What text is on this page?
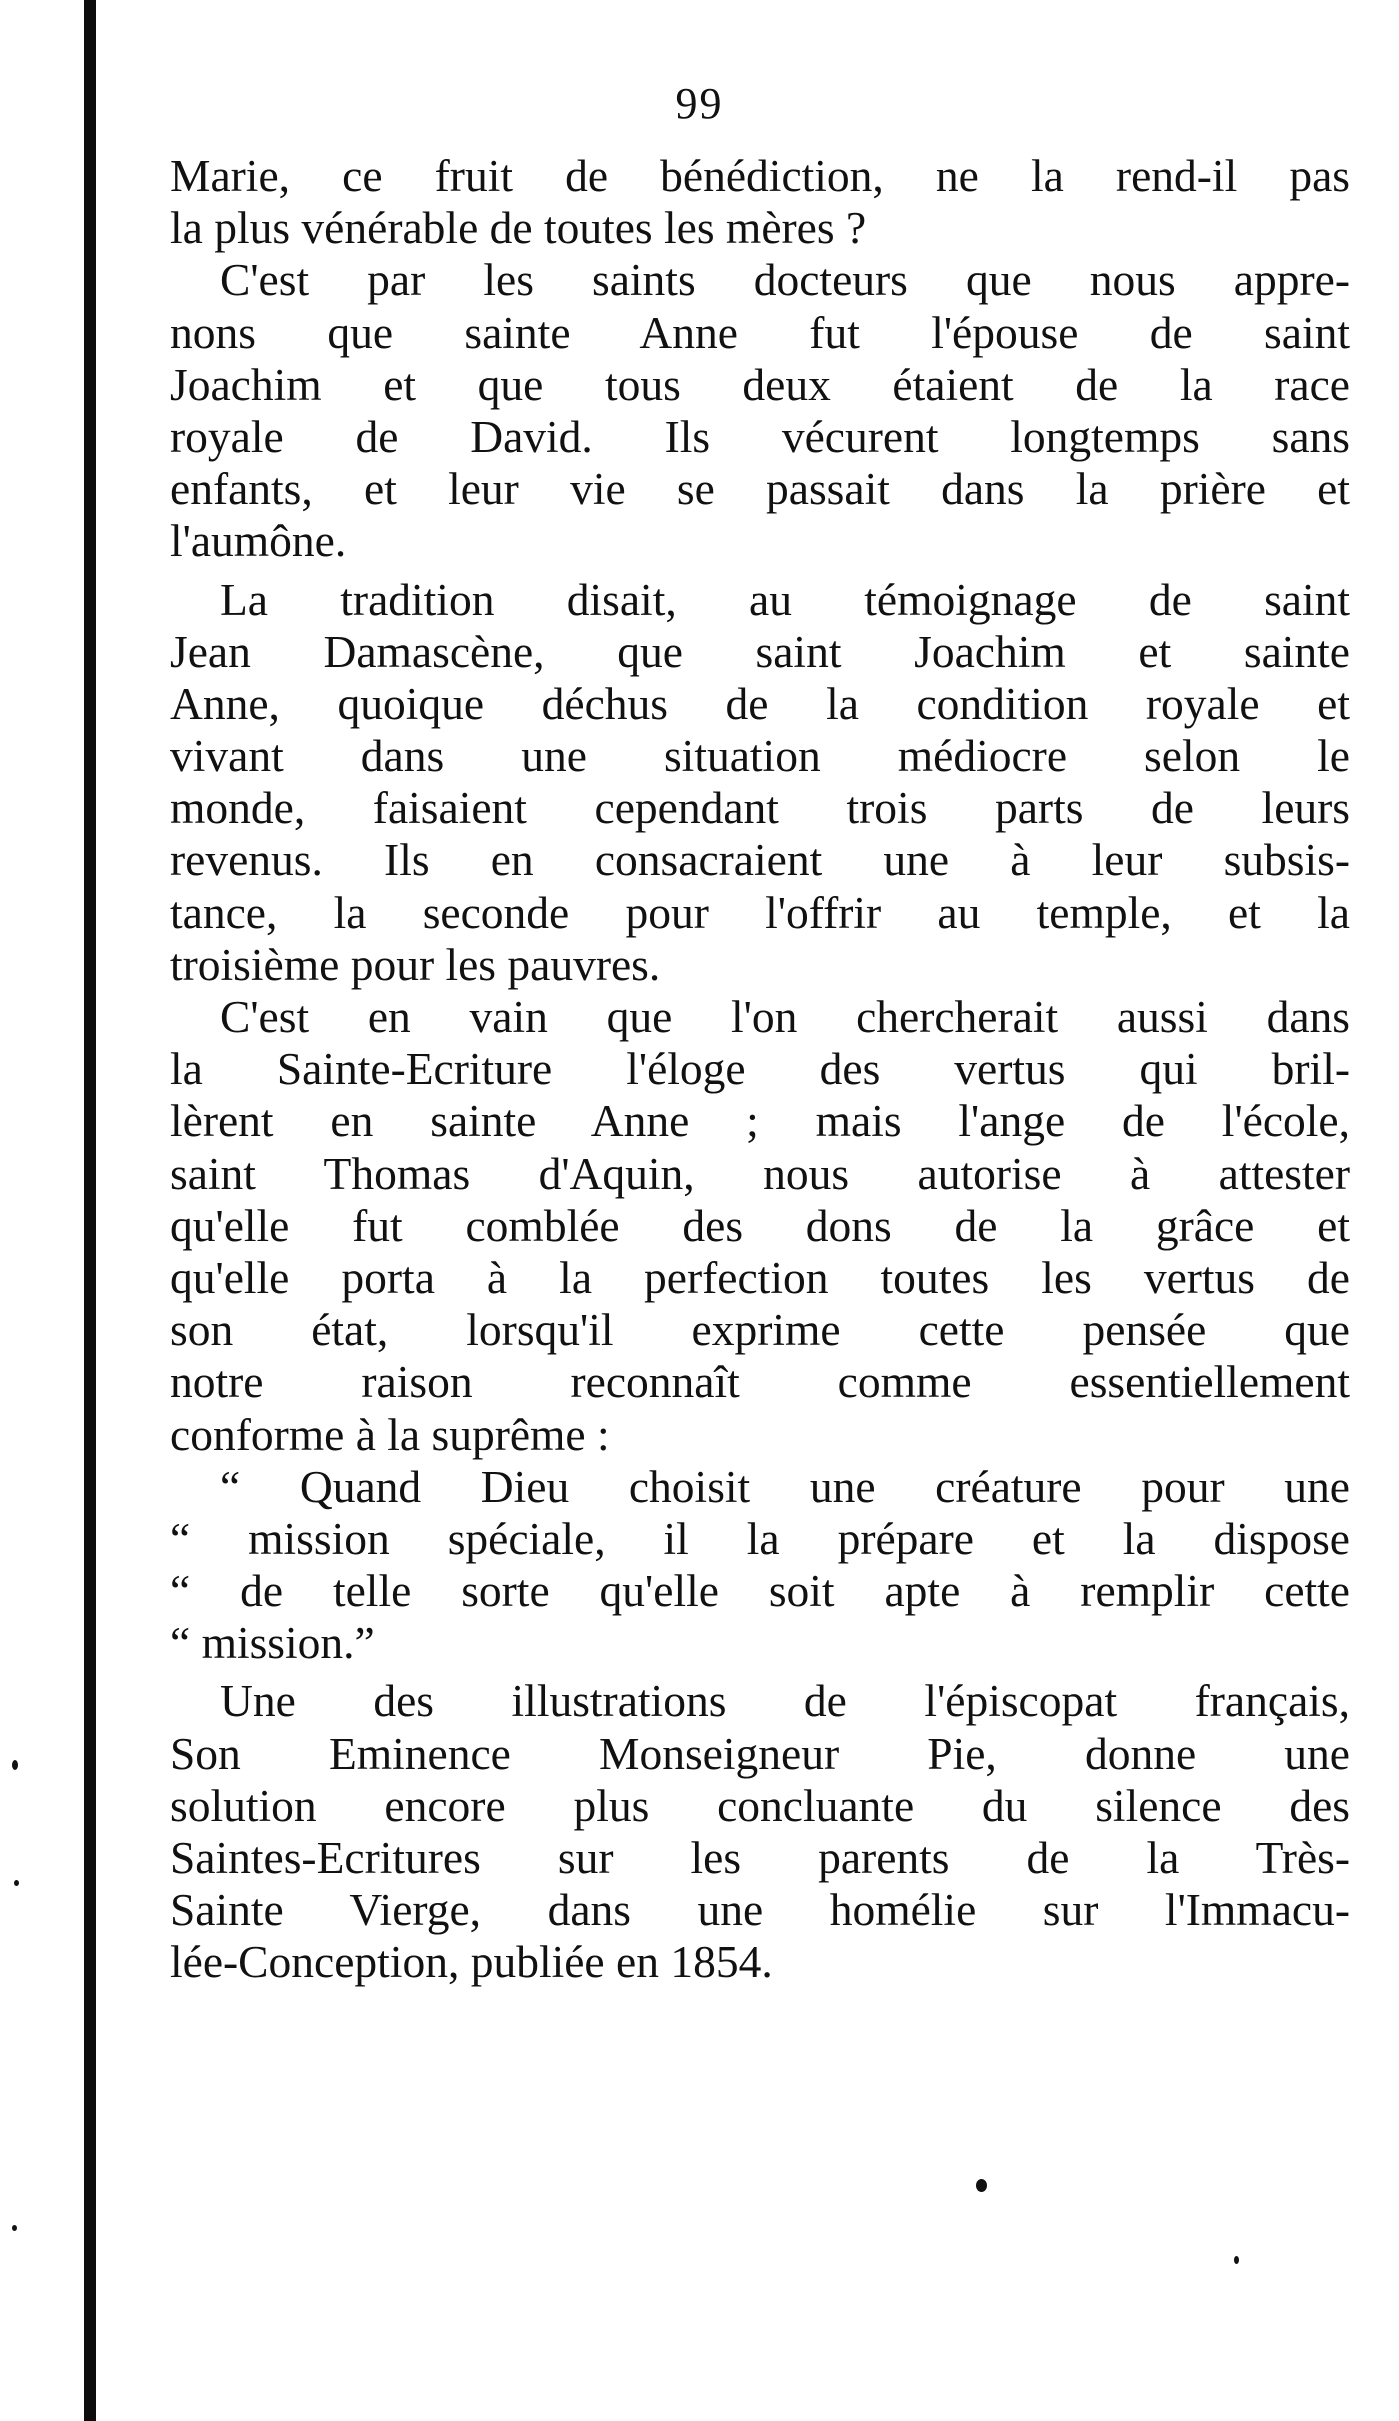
99
Marie, ce fruit de bénédiction, ne la rend-il pas
la plus vénérable de toutes les mères ?
C'est par les saints docteurs que nous appre-
nons que sainte Anne fut l'épouse de saint
Joachim et que tous deux étaient de la race
royale de David. Ils vécurent longtemps sans
enfants, et leur vie se passait dans la prière et
l'aumône.
La tradition disait, au témoignage de saint
Jean Damascène, que saint Joachim et sainte
Anne, quoique déchus de la condition royale et
vivant dans une situation médiocre selon le
monde, faisaient cependant trois parts de leurs
revenus. Ils en consacraient une à leur subsis-
tance, la seconde pour l'offrir au temple, et la
troisième pour les pauvres.
C'est en vain que l'on chercherait aussi dans
la Sainte-Ecriture l'éloge des vertus qui bril-
lèrent en sainte Anne ; mais l'ange de l'école,
saint Thomas d'Aquin, nous autorise à attester
qu'elle fut comblée des dons de la grâce et
qu'elle porta à la perfection toutes les vertus de
son état, lorsqu'il exprime cette pensée que
notre raison reconnaît comme essentiellement
conforme à la suprême :
“ Quand Dieu choisit une créature pour une
“ mission spéciale, il la prépare et la dispose
“ de telle sorte qu'elle soit apte à remplir cette
“ mission.”
Une des illustrations de l'épiscopat français,
Son Eminence Monseigneur Pie, donne une
solution encore plus concluante du silence des
Saintes-Ecritures sur les parents de la Très-
Sainte Vierge, dans une homélie sur l'Immacu-
lée-Conception, publiée en 1854.
